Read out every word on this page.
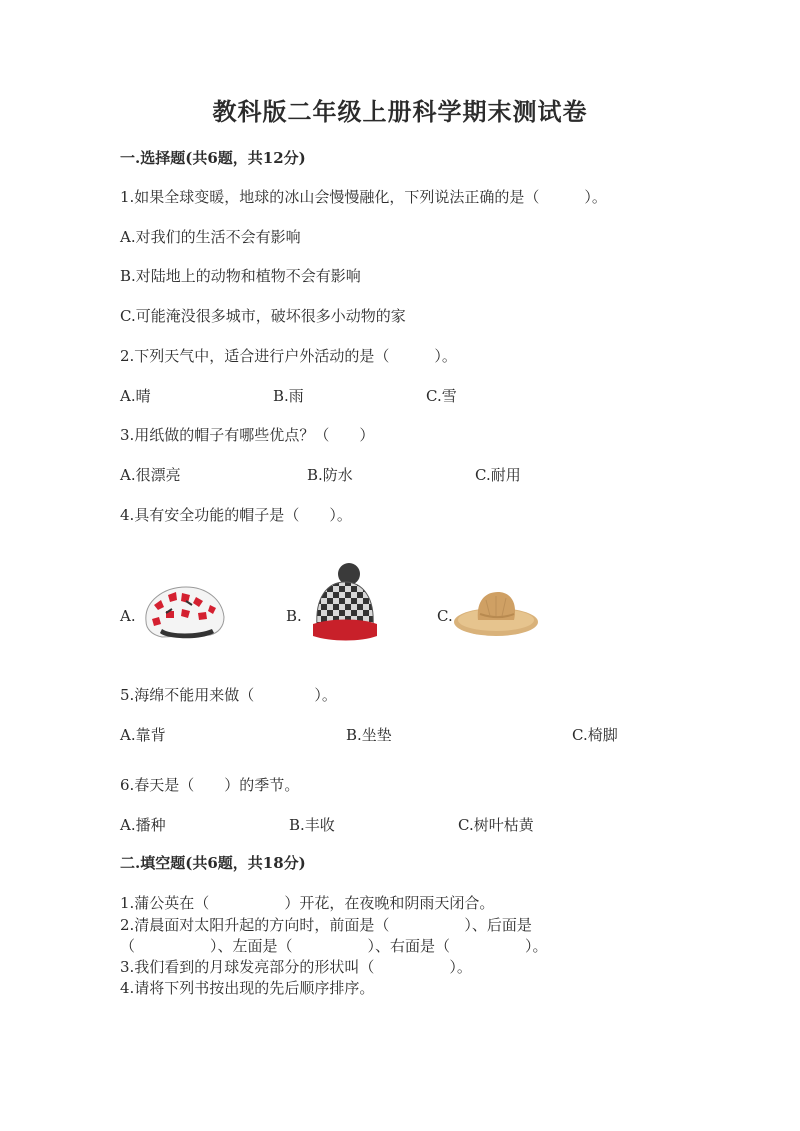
教科版二年级上册科学期末测试卷
一.选择题(共6题，共12分)
1.如果全球变暖，地球的冰山会慢慢融化，下列说法正确的是（　　　）。
A.对我们的生活不会有影响
B.对陆地上的动物和植物不会有影响
C.可能淹没很多城市，破坏很多小动物的家
2.下列天气中，适合进行户外活动的是（　　　）。
A.晴	B.雨	C.雪
3.用纸做的帽子有哪些优点？（　　）
A.很漂亮	B.防水	C.耐用
4.具有安全功能的帽子是（　　）。
A.	B.	C.
5.海绵不能用来做（　　　　）。
A.靠背	B.坐垫	C.椅脚
6.春天是（　　）的季节。
A.播种	B.丰收	C.树叶枯黄
二.填空题(共6题，共18分)
1.蒲公英在（　　　　　）开花，在夜晚和阴雨天闭合。
2.清晨面对太阳升起的方向时，前面是（　　　　　）、后面是
（　　　　　）、左面是（　　　　　）、右面是（　　　　　）。
3.我们看到的月球发亮部分的形状叫（　　　　　）。
4.请将下列书按出现的先后顺序排序。
